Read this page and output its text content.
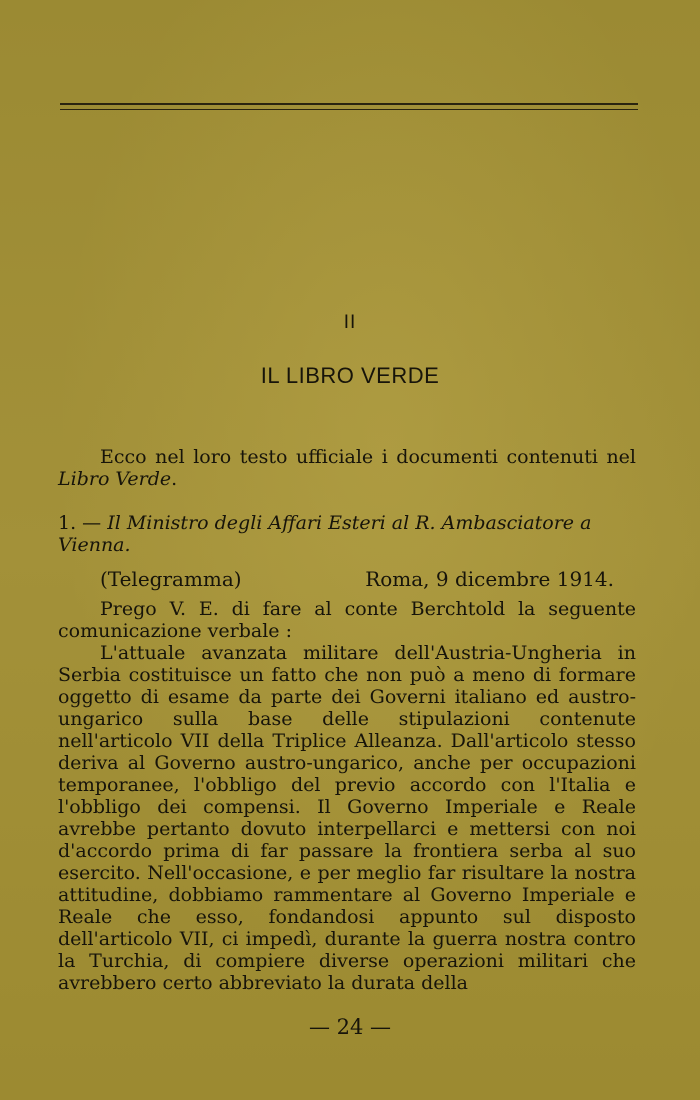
II
IL LIBRO VERDE
Ecco nel loro testo ufficiale i documenti contenuti nel Libro Verde.
1. — Il Ministro degli Affari Esteri al R. Ambasciatore a Vienna.
(Telegramma)	Roma, 9 dicembre 1914.

Prego V. E. di fare al conte Berchtold la seguente comunicazione verbale :

L'attuale avanzata militare dell'Austria-Ungheria in Serbia costituisce un fatto che non può a meno di formare oggetto di esame da parte dei Governi italiano ed austro-ungarico sulla base delle stipulazioni contenute nell'articolo VII della Triplice Alleanza. Dall'articolo stesso deriva al Governo austro-ungarico, anche per occupazioni temporanee, l'obbligo del previo accordo con l'Italia e l'obbligo dei compensi. Il Governo Imperiale e Reale avrebbe pertanto dovuto interpellarci e mettersi con noi d'accordo prima di far passare la frontiera serba al suo esercito. Nell'occasione, e per meglio far risultare la nostra attitudine, dobbiamo rammentare al Governo Imperiale e Reale che esso, fondandosi appunto sul disposto dell'articolo VII, ci impedì, durante la guerra nostra contro la Turchia, di compiere diverse operazioni militari che avrebbero certo abbreviato la durata della

— 24 —
